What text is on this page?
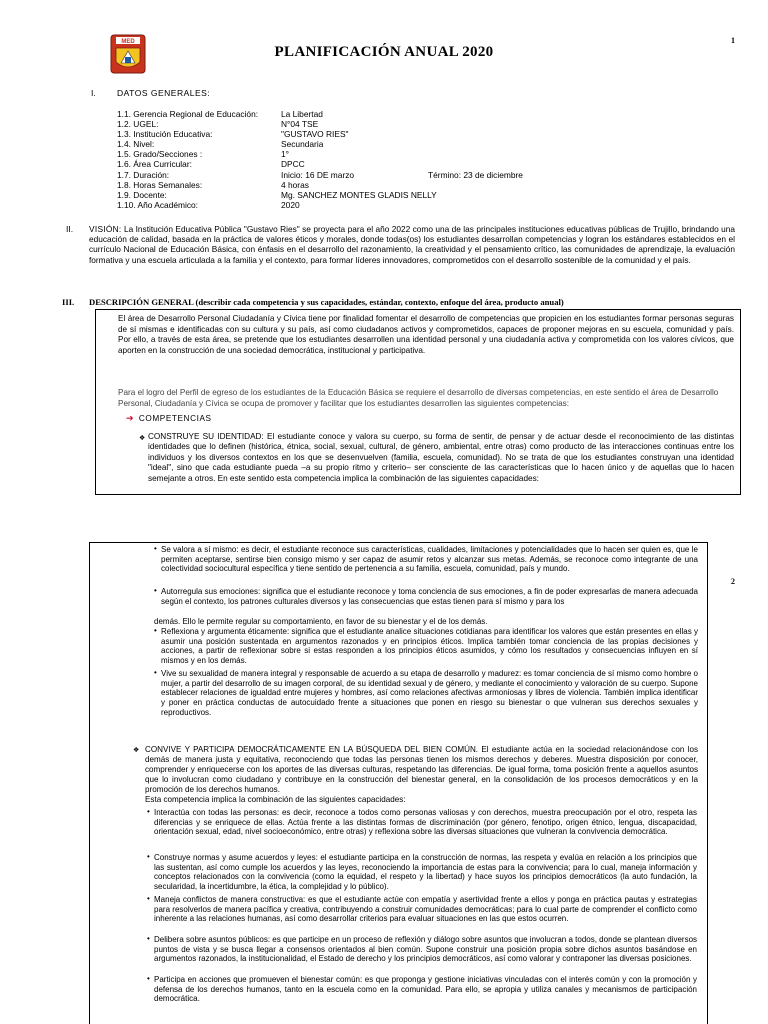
MED
PLANIFICACIÓN ANUAL 2020
1
I.	DATOS GENERALES:
1.1. Gerencia Regional de Educación:	La Libertad
1.2. UGEL:	N°04 TSE
1.3. Institución Educativa:	"GUSTAVO RIES"
1.4. Nivel:	Secundaria
1.5. Grado/Secciones :	1°
1.6. Área Curricular:	DPCC
1.7. Duración:	Inicio: 16 DE marzo	Término: 23 de diciembre
1.8. Horas Semanales:	4 horas
1.9. Docente:	Mg. SANCHEZ MONTES GLADIS NELLY
1.10. Año Académico:	2020
II. VISIÓN: La Institución Educativa Pública "Gustavo Ries" se proyecta para el año 2022 como una de las principales instituciones educativas públicas de Trujillo, brindando una educación de calidad, basada en la práctica de valores éticos y morales, donde todas(os) los estudiantes desarrollan competencias y logran los estándares establecidos en el currículo Nacional de Educación Básica, con énfasis en el desarrollo del razonamiento, la creatividad y el pensamiento crítico, las comunidades de aprendizaje, la evaluación formativa y una escuela articulada a la familia y el contexto, para formar líderes innovadores, comprometidos con el desarrollo sostenible de la comunidad y el país.
III. DESCRIPCIÓN GENERAL (describir cada competencia y sus capacidades, estándar, contexto, enfoque del área, producto anual)
El área de Desarrollo Personal Ciudadanía y Cívica tiene por finalidad fomentar el desarrollo de competencias que propicien en los estudiantes formar personas seguras de sí mismas e identificadas con su cultura y su país, así como ciudadanos activos y comprometidos, capaces de proponer mejoras en su escuela, comunidad y país. Por ello, a través de esta área, se pretende que los estudiantes desarrollen una identidad personal y una ciudadanía activa y comprometida con los valores cívicos, que aporten en la construcción de una sociedad democrática, institucional y participativa.
Para el logro del Perfil de egreso de los estudiantes de la Educación Básica se requiere el desarrollo de diversas competencias, en este sentido el área de Desarrollo Personal, Ciudadanía y Cívica se ocupa de promover y facilitar que los estudiantes desarrollen las siguientes competencias:
➔ COMPETENCIAS
❖ CONSTRUYE SU IDENTIDAD: El estudiante conoce y valora su cuerpo, su forma de sentir, de pensar y de actuar desde el reconocimiento de las distintas identidades que lo definen (histórica, étnica, social, sexual, cultural, de género, ambiental, entre otras) como producto de las interacciones continuas entre los individuos y los diversos contextos en los que se desenvuelven (familia, escuela, comunidad). No se trata de que los estudiantes construyan una identidad "ideal", sino que cada estudiante pueda –a su propio ritmo y criterio– ser consciente de las características que lo hacen único y de aquellas que lo hacen semejante a otros. En este sentido esta competencia implica la combinación de las siguientes capacidades:
2
• Se valora a sí mismo: es decir, el estudiante reconoce sus características, cualidades, limitaciones y potencialidades que lo hacen ser quien es, que le permiten aceptarse, sentirse bien consigo mismo y ser capaz de asumir retos y alcanzar sus metas. Además, se reconoce como integrante de una colectividad sociocultural específica y tiene sentido de pertenencia a su familia, escuela, comunidad, país y mundo.
• Autorregula sus emociones: significa que el estudiante reconoce y toma conciencia de sus emociones, a fin de poder expresarlas de manera adecuada según el contexto, los patrones culturales diversos y las consecuencias que estas tienen para sí mismo y para los
demás. Ello le permite regular su comportamiento, en favor de su bienestar y el de los demás.
• Reflexiona y argumenta éticamente: significa que el estudiante analice situaciones cotidianas para identificar los valores que están presentes en ellas y asumir una posición sustentada en argumentos razonados y en principios éticos. Implica también tomar conciencia de las propias decisiones y acciones, a partir de reflexionar sobre si estas responden a los principios éticos asumidos, y cómo los resultados y consecuencias influyen en sí mismos y en los demás.
• Vive su sexualidad de manera integral y responsable de acuerdo a su etapa de desarrollo y madurez: es tomar conciencia de sí mismo como hombre o mujer, a partir del desarrollo de su imagen corporal, de su identidad sexual y de género, y mediante el conocimiento y valoración de su cuerpo. Supone establecer relaciones de igualdad entre mujeres y hombres, así como relaciones afectivas armoniosas y libres de violencia. También implica identificar y poner en práctica conductas de autocuidado frente a situaciones que ponen en riesgo su bienestar o que vulneran sus derechos sexuales y reproductivos.
❖ CONVIVE Y PARTICIPA DEMOCRÁTICAMENTE EN LA BÚSQUEDA DEL BIEN COMÚN. El estudiante actúa en la sociedad relacionándose con los demás de manera justa y equitativa, reconociendo que todas las personas tienen los mismos derechos y deberes. Muestra disposición por conocer, comprender y enriquecerse con los aportes de las diversas culturas, respetando las diferencias. De igual forma, toma posición frente a aquellos asuntos que lo involucran como ciudadano y contribuye en la construcción del bienestar general, en la consolidación de los procesos democráticos y en la promoción de los derechos humanos.
Esta competencia implica la combinación de las siguientes capacidades:
• Interactúa con todas las personas: es decir, reconoce a todos como personas valiosas y con derechos, muestra preocupación por el otro, respeta las diferencias y se enriquece de ellas. Actúa frente a las distintas formas de discriminación (por género, fenotipo, origen étnico, lengua, discapacidad, orientación sexual, edad, nivel socioeconómico, entre otras) y reflexiona sobre las diversas situaciones que vulneran la convivencia democrática.
• Construye normas y asume acuerdos y leyes: el estudiante participa en la construcción de normas, las respeta y evalúa en relación a los principios que las sustentan, así como cumple los acuerdos y las leyes, reconociendo la importancia de estas para la convivencia; para lo cual, maneja información y conceptos relacionados con la convivencia (como la equidad, el respeto y la libertad) y hace suyos los principios democráticos (la auto fundación, la secularidad, la incertidumbre, la ética, la complejidad y lo público).
• Maneja conflictos de manera constructiva: es que el estudiante actúe con empatía y asertividad frente a ellos y ponga en práctica pautas y estrategias para resolverlos de manera pacífica y creativa, contribuyendo a construir comunidades democráticas; para lo cual parte de comprender el conflicto como inherente a las relaciones humanas, así como desarrollar criterios para evaluar situaciones en las que estos ocurren.
• Delibera sobre asuntos públicos: es que participe en un proceso de reflexión y diálogo sobre asuntos que involucran a todos, donde se plantean diversos puntos de vista y se busca llegar a consensos orientados al bien común. Supone construir una posición propia sobre dichos asuntos basándose en argumentos razonados, la institucionalidad, el Estado de derecho y los principios democráticos, así como valorar y contraponer las diversas posiciones.
• Participa en acciones que promueven el bienestar común: es que proponga y gestione iniciativas vinculadas con el interés común y con la promoción y defensa de los derechos humanos, tanto en la escuela como en la comunidad. Para ello, se apropia y utiliza canales y mecanismos de participación democrática.
